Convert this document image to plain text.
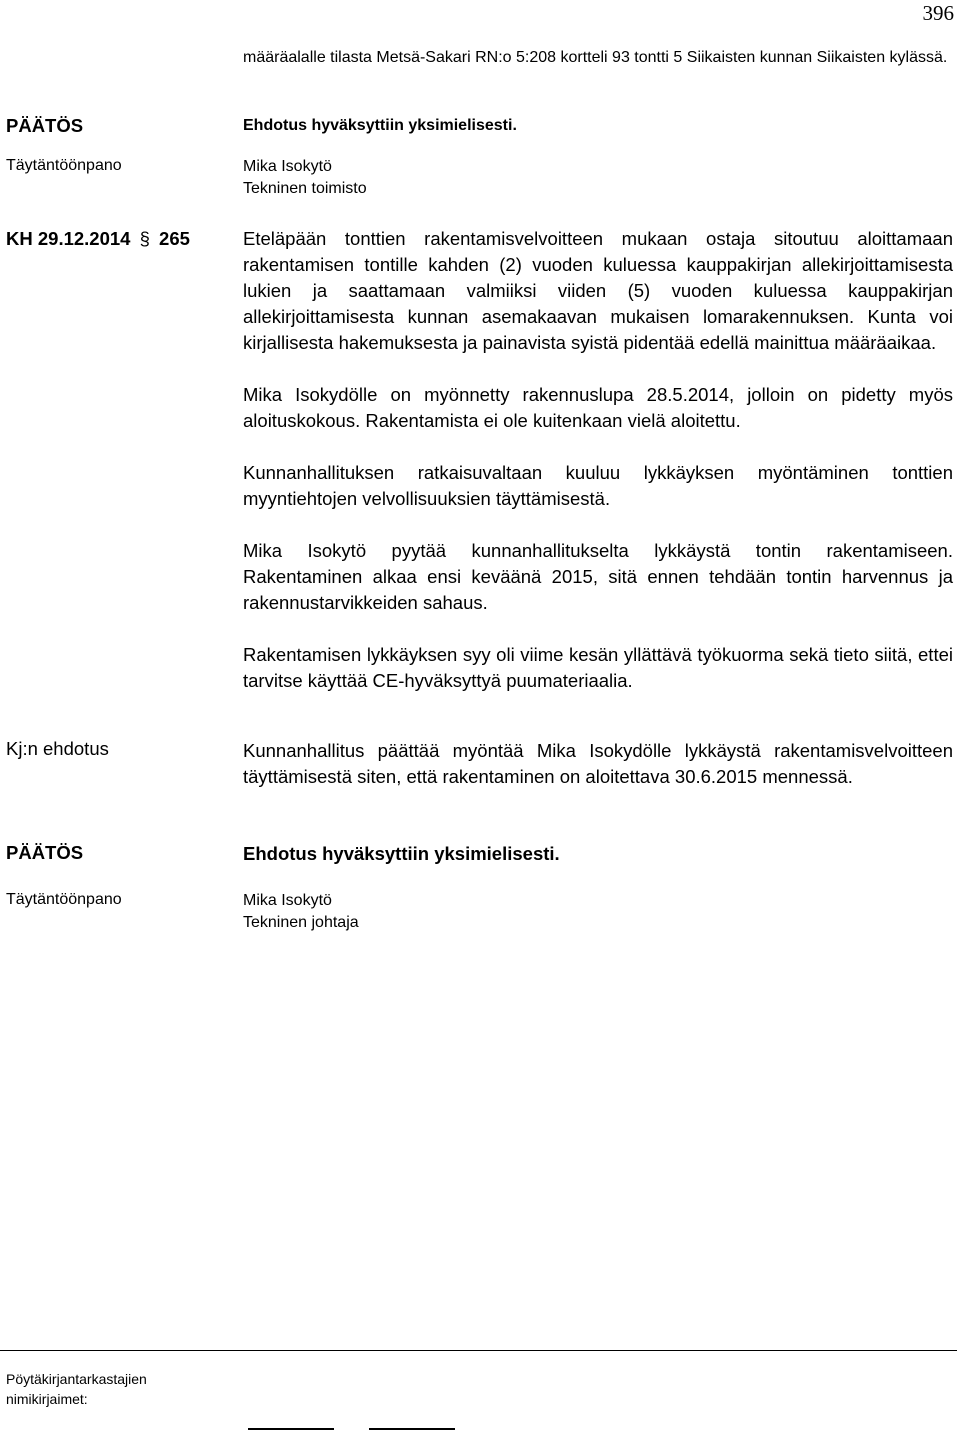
396
määräalalle tilasta Metsä-Sakari RN:o 5:208 kortteli 93 tontti 5 Siikaisten kunnan Siikaisten kylässä.
PÄÄTÖS	Ehdotus hyväksyttiin yksimielisesti.
Täytäntöönpano	Mika Isokytö
Tekninen toimisto
KH 29.12.2014 § 265	Eteläpään tonttien rakentamisvelvoitteen mukaan ostaja sitoutuu aloittamaan rakentamisen tontille kahden (2) vuoden kuluessa kauppakirjan allekirjoittamisesta lukien ja saattamaan valmiiksi viiden (5) vuoden kuluessa kauppakirjan allekirjoittamisesta kunnan asemakaavan mukaisen lomarakennuksen. Kunta voi kirjallisesta hakemuksesta ja painavista syistä pidentää edellä mainittua määräaikaa.

Mika Isokydölle on myönnetty rakennuslupa 28.5.2014, jolloin on pidetty myös aloituskokous. Rakentamista ei ole kuitenkaan vielä aloitettu.

Kunnanhallituksen ratkaisuvaltaan kuuluu lykkäyksen myöntäminen tonttien myyntiehtojen velvollisuuksien täyttämisestä.

Mika Isokytö pyytää kunnanhallitukselta lykkäystä tontin rakentamiseen. Rakentaminen alkaa ensi keväänä 2015, sitä ennen tehdään tontin harvennus ja rakennustarvikkeiden sahaus.

Rakentamisen lykkäyksen syy oli viime kesän yllättävä työkuorma sekä tieto siitä, ettei tarvitse käyttää CE-hyväksyttyä puumateriaalia.

Kj:n ehdotus	Kunnanhallitus päättää myöntää Mika Isokydölle lykkäystä rakentamisvelvoitteen täyttämisestä siten, että rakentaminen on aloitettava 30.6.2015 mennessä.
PÄÄTÖS	Ehdotus hyväksyttiin yksimielisesti.
Täytäntöönpano	Mika Isokytö
Tekninen johtaja
Pöytäkirjantarkastajien
nimikirjaimet:
